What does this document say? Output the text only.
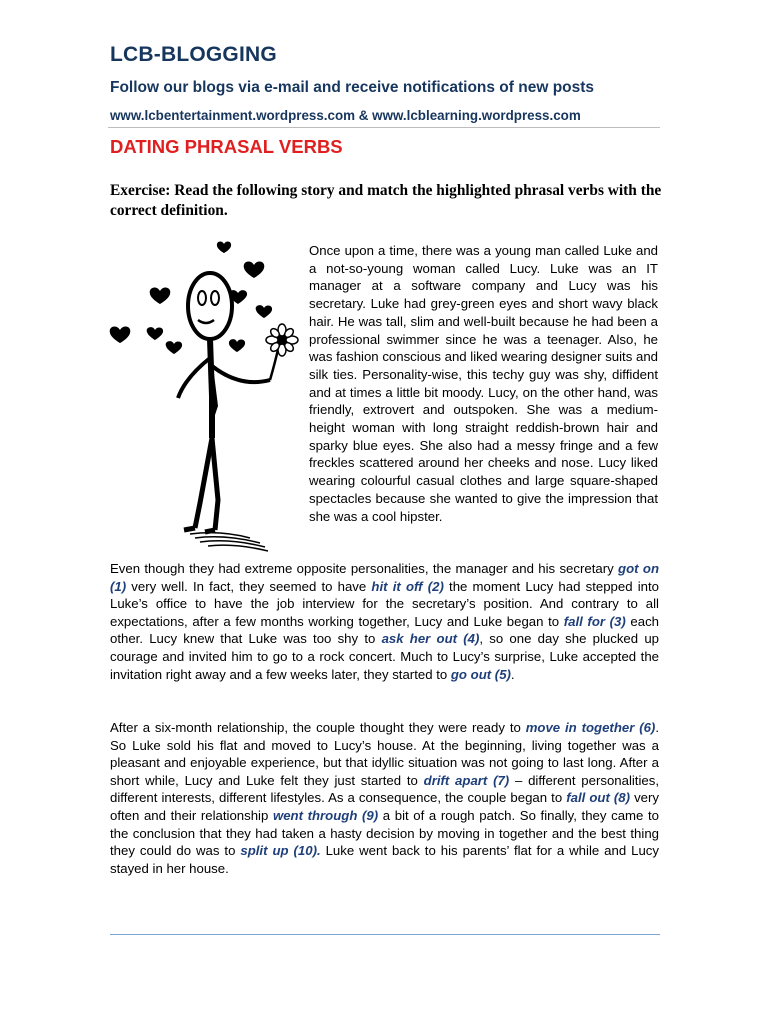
LCB-BLOGGING
Follow our blogs via e-mail and receive notifications of new posts
www.lcbentertainment.wordpress.com & www.lcblearning.wordpress.com
DATING PHRASAL VERBS
Exercise: Read the following story and match the highlighted phrasal verbs with the correct definition.
Once upon a time, there was a young man called Luke and a not-so-young woman called Lucy. Luke was an IT manager at a software company and Lucy was his secretary. Luke had grey-green eyes and short wavy black hair. He was tall, slim and well-built because he had been a professional swimmer since he was a teenager. Also, he was fashion conscious and liked wearing designer suits and silk ties. Personality-wise, this techy guy was shy, diffident and at times a little bit moody. Lucy, on the other hand, was friendly, extrovert and outspoken. She was a medium-height woman with long straight reddish-brown hair and sparky blue eyes. She also had a messy fringe and a few freckles scattered around her cheeks and nose. Lucy liked wearing colourful casual clothes and large square-shaped spectacles because she wanted to give the impression that she was a cool hipster.
Even though they had extreme opposite personalities, the manager and his secretary got on (1) very well. In fact, they seemed to have hit it off (2) the moment Lucy had stepped into Luke’s office to have the job interview for the secretary’s position. And contrary to all expectations, after a few months working together, Lucy and Luke began to fall for (3) each other. Lucy knew that Luke was too shy to ask her out (4), so one day she plucked up courage and invited him to go to a rock concert. Much to Lucy’s surprise, Luke accepted the invitation right away and a few weeks later, they started to go out (5).
After a six-month relationship, the couple thought they were ready to move in together (6). So Luke sold his flat and moved to Lucy’s house. At the beginning, living together was a pleasant and enjoyable experience, but that idyllic situation was not going to last long. After a short while, Lucy and Luke felt they just started to drift apart (7) – different personalities, different interests, different lifestyles. As a consequence, the couple began to fall out (8) very often and their relationship went through (9) a bit of a rough patch. So finally, they came to the conclusion that they had taken a hasty decision by moving in together and the best thing they could do was to split up (10). Luke went back to his parents’ flat for a while and Lucy stayed in her house.
